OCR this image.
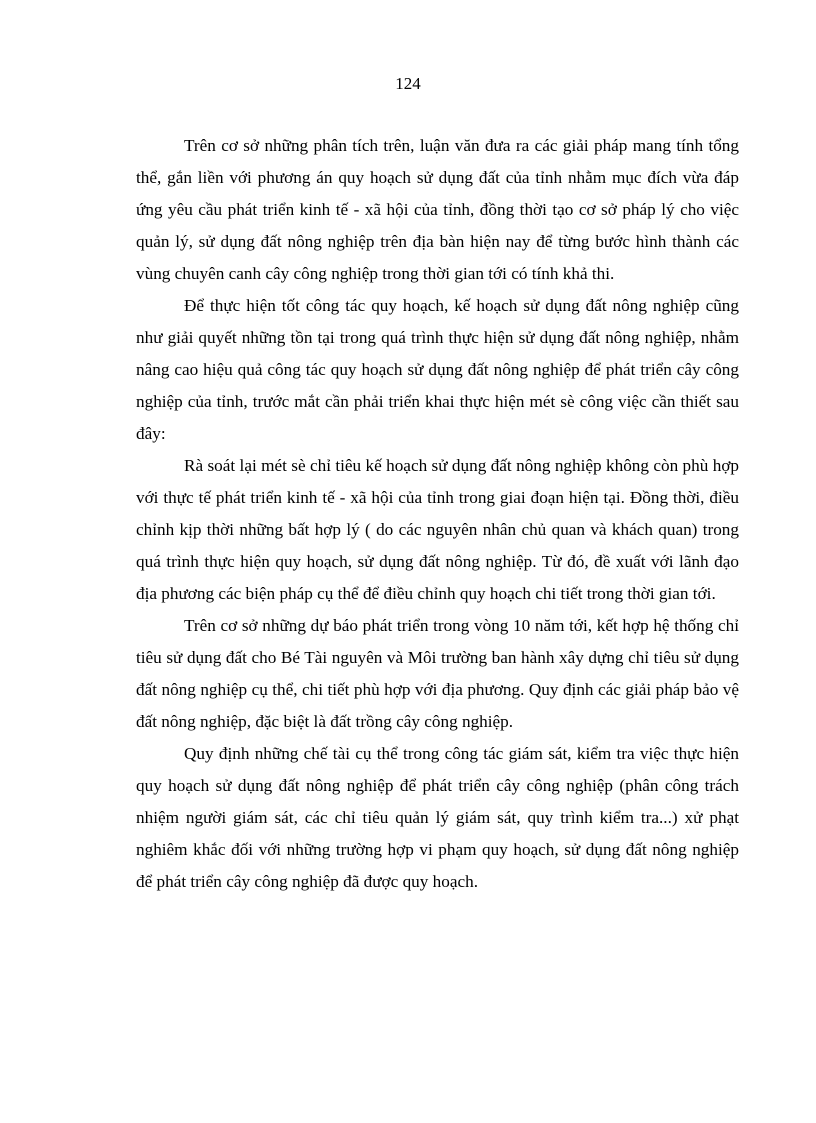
124

Trên cơ sở những phân tích trên, luận văn đưa ra các giải pháp mang tính tổng thể, gắn liền với phương án quy hoạch sử dụng đất của tỉnh nhằm mục đích vừa đáp ứng yêu cầu phát triển kinh tế - xã hội của tỉnh, đồng thời tạo cơ sở pháp lý cho việc quản lý, sử dụng đất nông nghiệp trên địa bàn hiện nay để từng bước hình thành các vùng chuyên canh cây công nghiệp trong thời gian tới có tính khả thi.

Để thực hiện tốt công tác quy hoạch, kế hoạch sử dụng đất nông nghiệp cũng như giải quyết những tồn tại trong quá trình thực hiện sử dụng đất nông nghiệp, nhằm nâng cao hiệu quả công tác quy hoạch sử dụng đất nông nghiệp để phát triển cây công nghiệp của tỉnh, trước mắt cần phải triển khai thực hiện mét sè công việc cần thiết sau đây:

Rà soát lại mét sè chỉ tiêu kế hoạch sử dụng đất nông nghiệp không còn phù hợp với thực tế phát triển kinh tế - xã hội của tỉnh trong giai đoạn hiện tại. Đồng thời, điều chỉnh kịp thời những bất hợp lý ( do các nguyên nhân chủ quan và khách quan) trong quá trình thực hiện quy hoạch, sử dụng đất nông nghiệp. Từ đó, đề xuất với lãnh đạo địa phương các biện pháp cụ thể để điều chỉnh quy hoạch chi tiết trong thời gian tới.

Trên cơ sở những dự báo phát triển trong vòng 10 năm tới, kết hợp hệ thống chỉ tiêu sử dụng đất cho Bé Tài nguyên và Môi trường ban hành xây dựng chỉ tiêu sử dụng đất nông nghiệp cụ thể, chi tiết phù hợp với địa phương. Quy định các giải pháp bảo vệ đất nông nghiệp, đặc biệt là đất trồng cây công nghiệp.

Quy định những chế tài cụ thể trong công tác giám sát, kiểm tra việc thực hiện quy hoạch sử dụng đất nông nghiệp để phát triển cây công nghiệp (phân công trách nhiệm người giám sát, các chỉ tiêu quản lý giám sát, quy trình kiểm tra...) xử phạt nghiêm khắc đối với những trường hợp vi phạm quy hoạch, sử dụng đất nông nghiệp để phát triển cây công nghiệp đã được quy hoạch.
